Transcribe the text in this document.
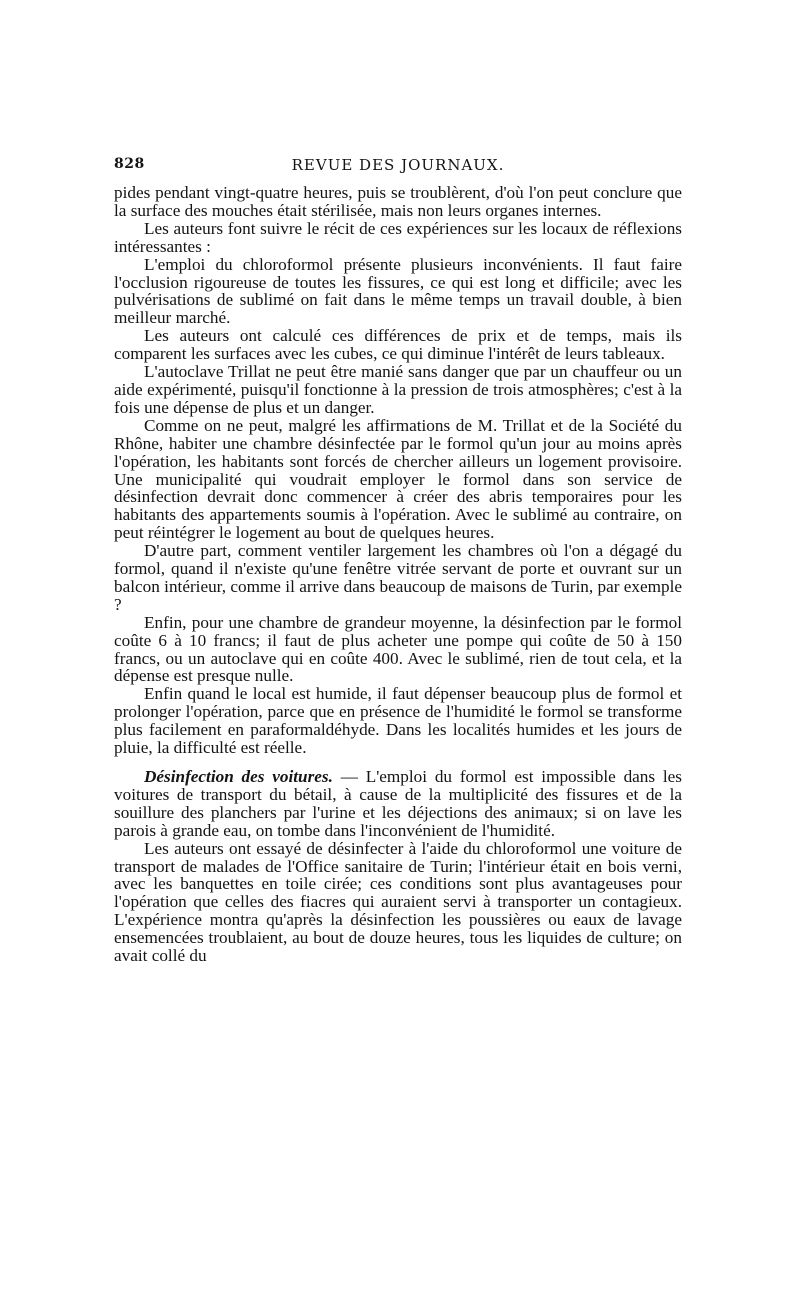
828	REVUE DES JOURNAUX.

pides pendant vingt-quatre heures, puis se troublèrent, d'où l'on peut conclure que la surface des mouches était stérilisée, mais non leurs organes internes.

Les auteurs font suivre le récit de ces expériences sur les locaux de réflexions intéressantes :

L'emploi du chloroformol présente plusieurs inconvénients. Il faut faire l'occlusion rigoureuse de toutes les fissures, ce qui est long et difficile; avec les pulvérisations de sublimé on fait dans le même temps un travail double, à bien meilleur marché.

Les auteurs ont calculé ces différences de prix et de temps, mais ils comparent les surfaces avec les cubes, ce qui diminue l'intérêt de leurs tableaux.

L'autoclave Trillat ne peut être manié sans danger que par un chauffeur ou un aide expérimenté, puisqu'il fonctionne à la pression de trois atmosphères; c'est à la fois une dépense de plus et un danger.

Comme on ne peut, malgré les affirmations de M. Trillat et de la Société du Rhône, habiter une chambre désinfectée par le formol qu'un jour au moins après l'opération, les habitants sont forcés de chercher ailleurs un logement provisoire. Une municipalité qui voudrait employer le formol dans son service de désinfection devrait donc commencer à créer des abris temporaires pour les habitants des appartements soumis à l'opération. Avec le sublimé au contraire, on peut réintégrer le logement au bout de quelques heures.

D'autre part, comment ventiler largement les chambres où l'on a dégagé du formol, quand il n'existe qu'une fenêtre vitrée servant de porte et ouvrant sur un balcon intérieur, comme il arrive dans beaucoup de maisons de Turin, par exemple ?

Enfin, pour une chambre de grandeur moyenne, la désinfection par le formol coûte 6 à 10 francs; il faut de plus acheter une pompe qui coûte de 50 à 150 francs, ou un autoclave qui en coûte 400. Avec le sublimé, rien de tout cela, et la dépense est presque nulle.

Enfin quand le local est humide, il faut dépenser beaucoup plus de formol et prolonger l'opération, parce que en présence de l'humidité le formol se transforme plus facilement en paraformaldéhyde. Dans les localités humides et les jours de pluie, la difficulté est réelle.

Désinfection des voitures. — L'emploi du formol est impossible dans les voitures de transport du bétail, à cause de la multiplicité des fissures et de la souillure des planchers par l'urine et les déjections des animaux; si on lave les parois à grande eau, on tombe dans l'inconvénient de l'humidité.

Les auteurs ont essayé de désinfecter à l'aide du chloroformol une voiture de transport de malades de l'Office sanitaire de Turin; l'intérieur était en bois verni, avec les banquettes en toile cirée; ces conditions sont plus avantageuses pour l'opération que celles des fiacres qui auraient servi à transporter un contagieux. L'expérience montra qu'après la désinfection les poussières ou eaux de lavage ensemencées troublaient, au bout de douze heures, tous les liquides de culture; on avait collé du
